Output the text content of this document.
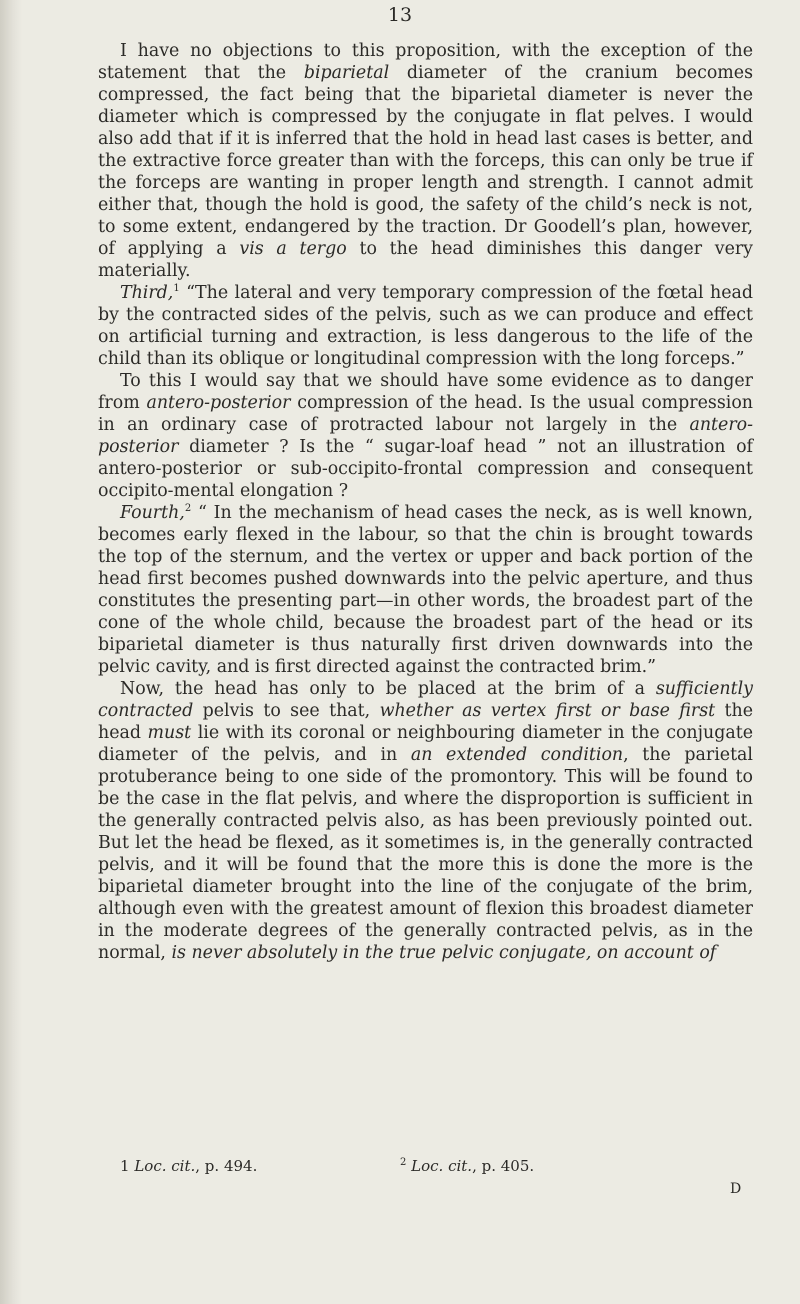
13

I have no objections to this proposition, with the exception of the statement that the biparietal diameter of the cranium becomes compressed, the fact being that the biparietal diameter is never the diameter which is compressed by the conjugate in flat pelves. I would also add that if it is inferred that the hold in head last cases is better, and the extractive force greater than with the forceps, this can only be true if the forceps are wanting in proper length and strength. I cannot admit either that, though the hold is good, the safety of the child’s neck is not, to some extent, endangered by the traction. Dr Goodell’s plan, however, of applying a vis a tergo to the head diminishes this danger very materially.

Third,$^1$ “The lateral and very temporary compression of the fœtal head by the contracted sides of the pelvis, such as we can produce and effect on artificial turning and extraction, is less dangerous to the life of the child than its oblique or longitudinal compression with the long forceps.”

To this I would say that we should have some evidence as to danger from antero-posterior compression of the head. Is the usual compression in an ordinary case of protracted labour not largely in the antero-posterior diameter ? Is the “ sugar-loaf head ” not an illustration of antero-posterior or sub-occipito-frontal compression and consequent occipito-mental elongation ?

Fourth,$^2$ “ In the mechanism of head cases the neck, as is well known, becomes early flexed in the labour, so that the chin is brought towards the top of the sternum, and the vertex or upper and back portion of the head first becomes pushed downwards into the pelvic aperture, and thus constitutes the presenting part—in other words, the broadest part of the cone of the whole child, because the broadest part of the head or its biparietal diameter is thus naturally first driven downwards into the pelvic cavity, and is first directed against the contracted brim.”

Now, the head has only to be placed at the brim of a sufficiently contracted pelvis to see that, whether as vertex first or base first the head must lie with its coronal or neighbouring diameter in the conjugate diameter of the pelvis, and in an extended condition, the parietal protuberance being to one side of the promontory. This will be found to be the case in the flat pelvis, and where the disproportion is sufficient in the generally contracted pelvis also, as has been previously pointed out. But let the head be flexed, as it sometimes is, in the generally contracted pelvis, and it will be found that the more this is done the more is the biparietal diameter brought into the line of the conjugate of the brim, although even with the greatest amount of flexion this broadest diameter in the moderate degrees of the generally contracted pelvis, as in the normal, is never absolutely in the true pelvic conjugate, on account of

1 Loc. cit., p. 494.	$^2$ Loc. cit., p. 405.

D
